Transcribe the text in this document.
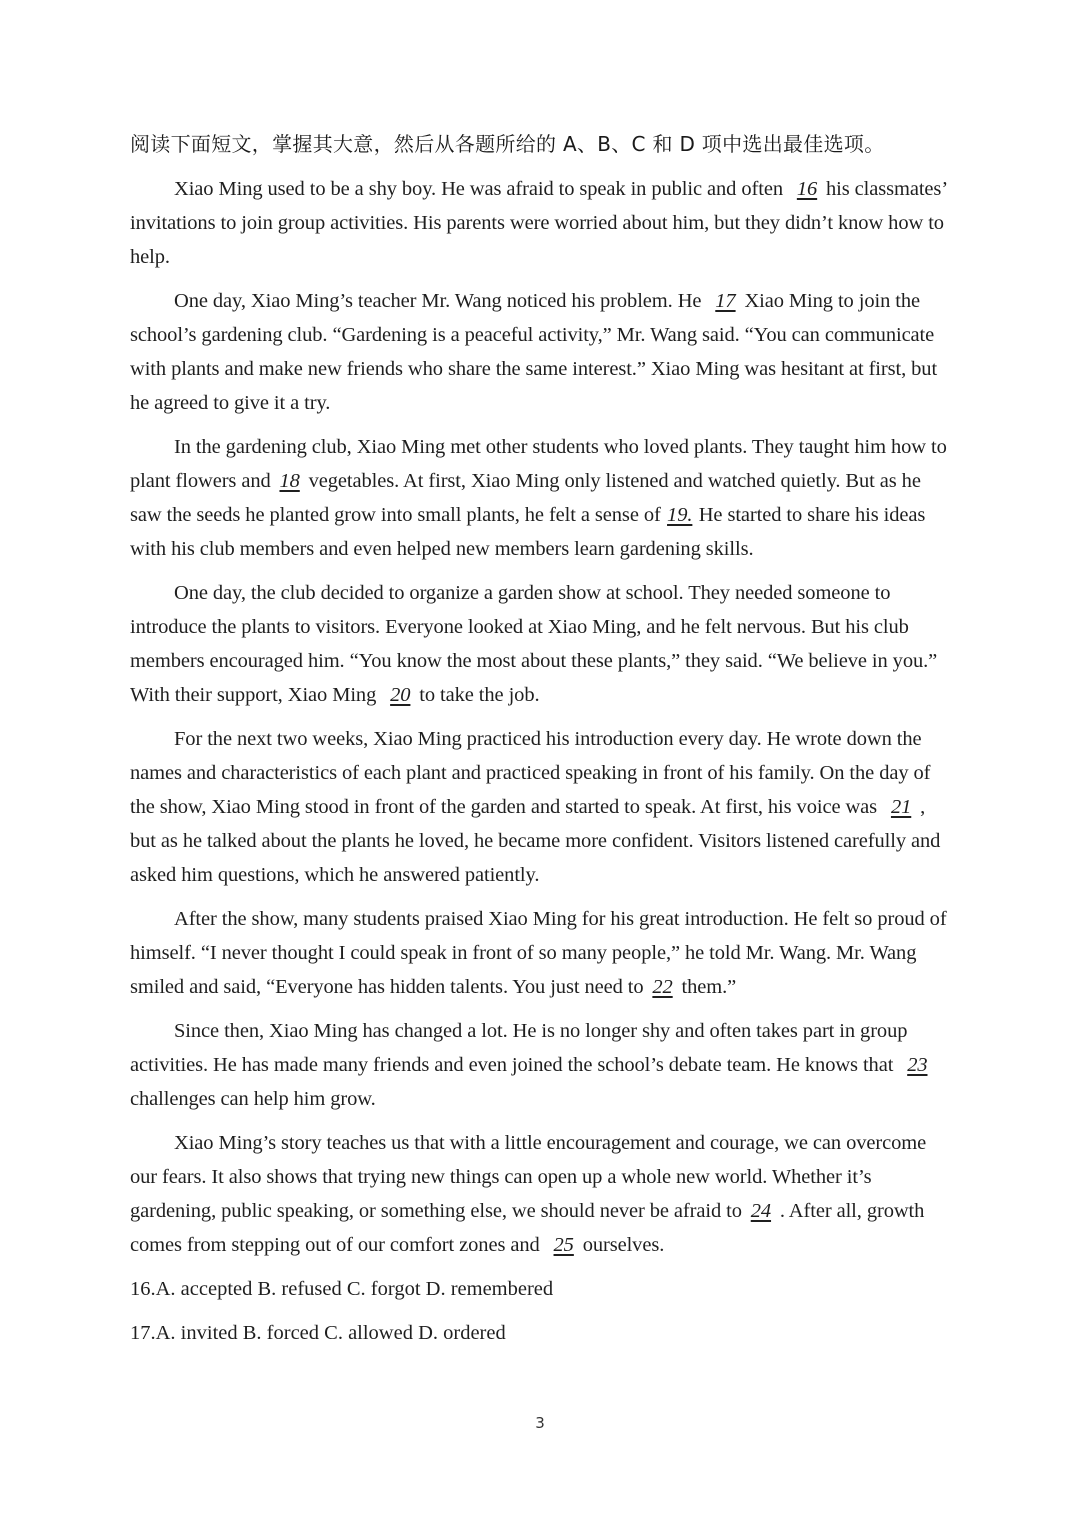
阅读下面短文，掌握其大意，然后从各题所给的 A、B、C 和 D 项中选出最佳选项。

Xiao Ming used to be a shy boy. He was afraid to speak in public and often 16 his classmates’ invitations to join group activities. His parents were worried about him, but they didn’t know how to help.

One day, Xiao Ming’s teacher Mr. Wang noticed his problem. He 17 Xiao Ming to join the school’s gardening club. “Gardening is a peaceful activity,” Mr. Wang said. “You can communicate with plants and make new friends who share the same interest.” Xiao Ming was hesitant at first, but he agreed to give it a try.

In the gardening club, Xiao Ming met other students who loved plants. They taught him how to plant flowers and 18 vegetables. At first, Xiao Ming only listened and watched quietly. But as he saw the seeds he planted grow into small plants, he felt a sense of 19. He started to share his ideas with his club members and even helped new members learn gardening skills.

One day, the club decided to organize a garden show at school. They needed someone to introduce the plants to visitors. Everyone looked at Xiao Ming, and he felt nervous. But his club members encouraged him. “You know the most about these plants,” they said. “We believe in you.” With their support, Xiao Ming 20 to take the job.

For the next two weeks, Xiao Ming practiced his introduction every day. He wrote down the names and characteristics of each plant and practiced speaking in front of his family. On the day of the show, Xiao Ming stood in front of the garden and started to speak. At first, his voice was 21 , but as he talked about the plants he loved, he became more confident. Visitors listened carefully and asked him questions, which he answered patiently.

After the show, many students praised Xiao Ming for his great introduction. He felt so proud of himself. “I never thought I could speak in front of so many people,” he told Mr. Wang. Mr. Wang smiled and said, “Everyone has hidden talents. You just need to 22 them.”

Since then, Xiao Ming has changed a lot. He is no longer shy and often takes part in group activities. He has made many friends and even joined the school’s debate team. He knows that 23 challenges can help him grow.

Xiao Ming’s story teaches us that with a little encouragement and courage, we can overcome our fears. It also shows that trying new things can open up a whole new world. Whether it’s gardening, public speaking, or something else, we should never be afraid to 24 . After all, growth comes from stepping out of our comfort zones and 25 ourselves.

16.A. accepted B. refused C. forgot D. remembered

17.A. invited B. forced C. allowed D. ordered

3
